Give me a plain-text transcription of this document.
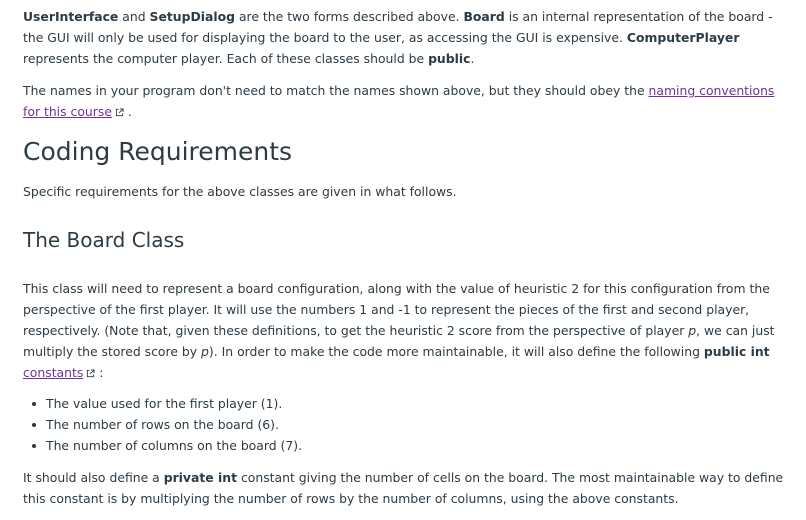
UserInterface and SetupDialog are the two forms described above. Board is an internal representation of the board - the GUI will only be used for displaying the board to the user, as accessing the GUI is expensive. ComputerPlayer represents the computer player. Each of these classes should be public.

The names in your program don't need to match the names shown above, but they should obey the naming conventions for this course
.

Coding Requirements

Specific requirements for the above classes are given in what follows.

The Board Class

This class will need to represent a board configuration, along with the value of heuristic 2 for this configuration from the perspective of the first player. It will use the numbers 1 and -1 to represent the pieces of the first and second player, respectively. (Note that, given these definitions, to get the heuristic 2 score from the perspective of player p, we can just multiply the stored score by p). In order to make the code more maintainable, it will also define the following public int
constants
:

The value used for the first player (1).
The number of rows on the board (6).
The number of columns on the board (7).

It should also define a private int constant giving the number of cells on the board. The most maintainable way to define this constant is by multiplying the number of rows by the number of columns, using the above constants.
